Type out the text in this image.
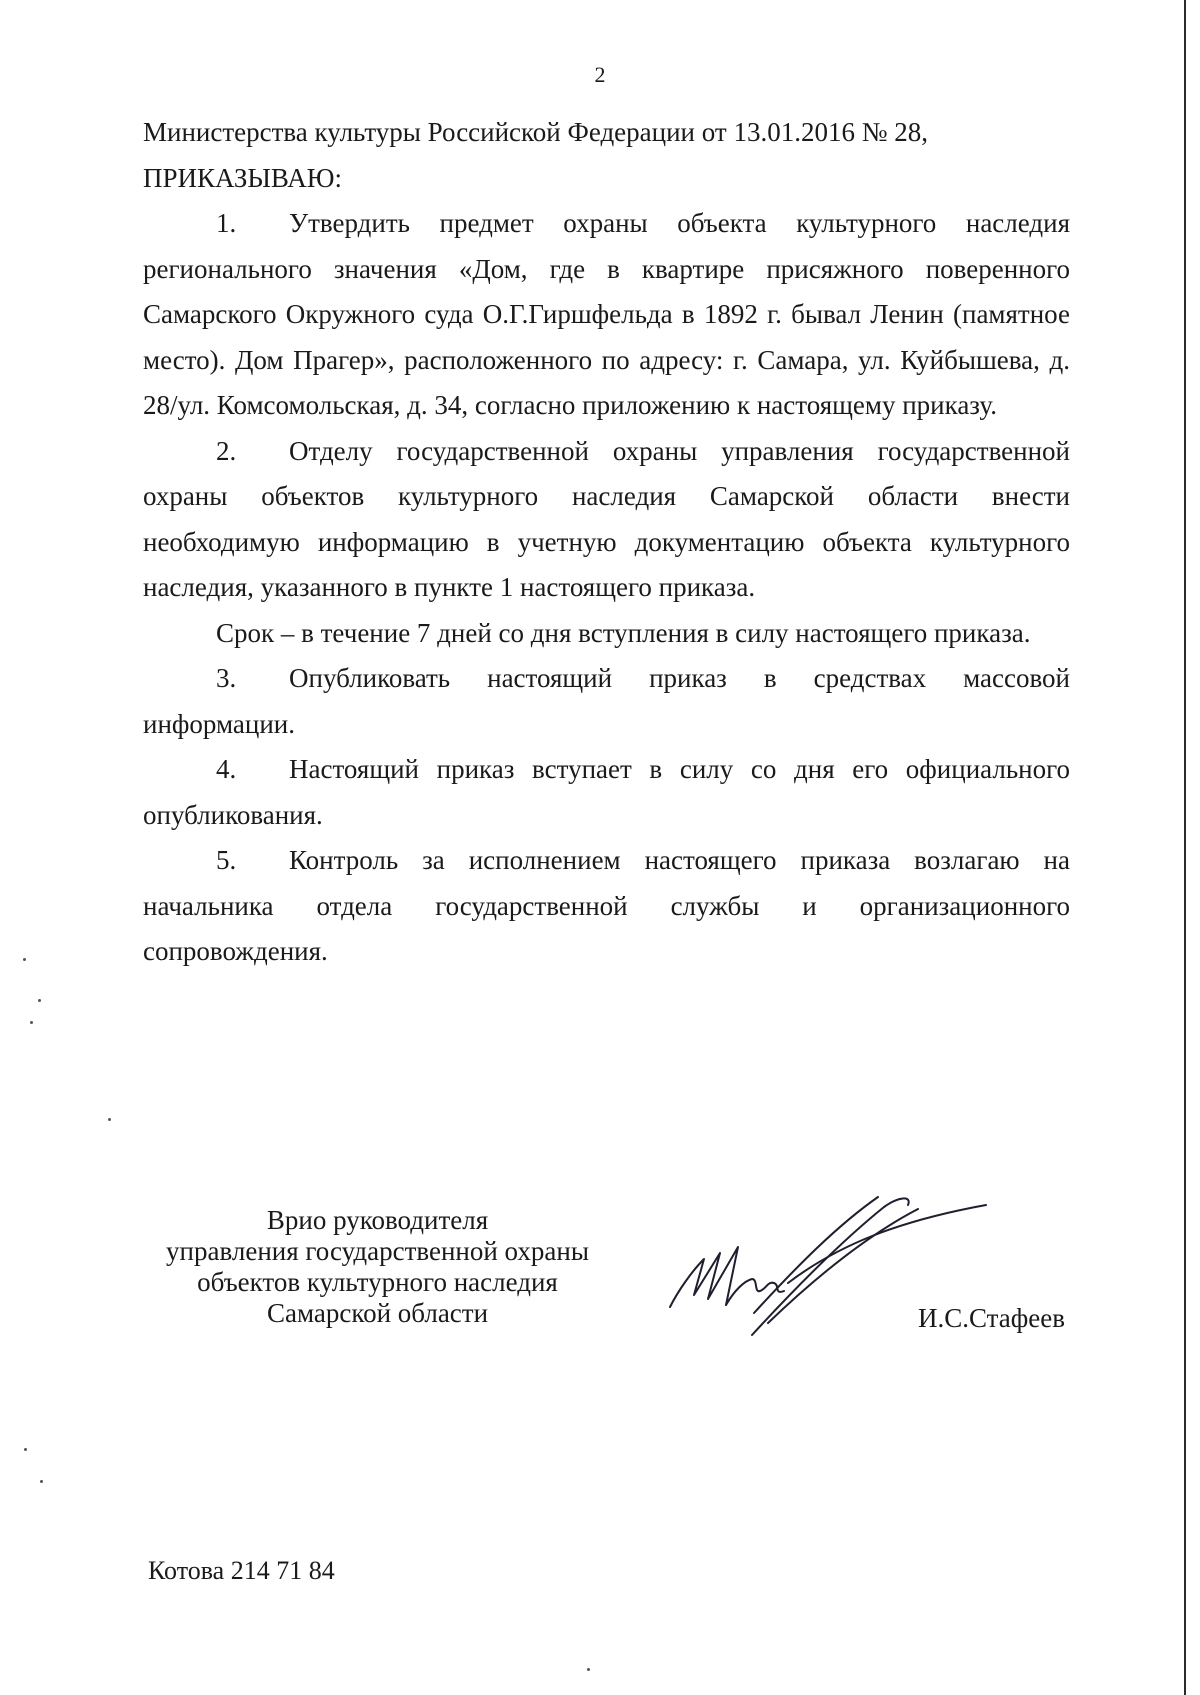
2

Министерства культуры Российской Федерации от 13.01.2016 № 28,

ПРИКАЗЫВАЮ:

1. Утвердить предмет охраны объекта культурного наследия регионального значения «Дом, где в квартире присяжного поверенного Самарского Окружного суда О.Г.Гиршфельда в 1892 г. бывал Ленин (памятное место). Дом Прагер», расположенного по адресу: г. Самара, ул. Куйбышева, д. 28/ул. Комсомольская, д. 34, согласно приложению к настоящему приказу.

2. Отделу государственной охраны управления государственной охраны объектов культурного наследия Самарской области внести необходимую информацию в учетную документацию объекта культурного наследия, указанного в пункте 1 настоящего приказа.

Срок – в течение 7 дней со дня вступления в силу настоящего приказа.

3. Опубликовать настоящий приказ в средствах массовой информации.

4. Настоящий приказ вступает в силу со дня его официального опубликования.

5. Контроль за исполнением настоящего приказа возлагаю на начальника отдела государственной службы и организационного сопровождения.

Врио руководителя
управления государственной охраны
объектов культурного наследия
Самарской области	И.С.Стафеев
Котова 214 71 84
